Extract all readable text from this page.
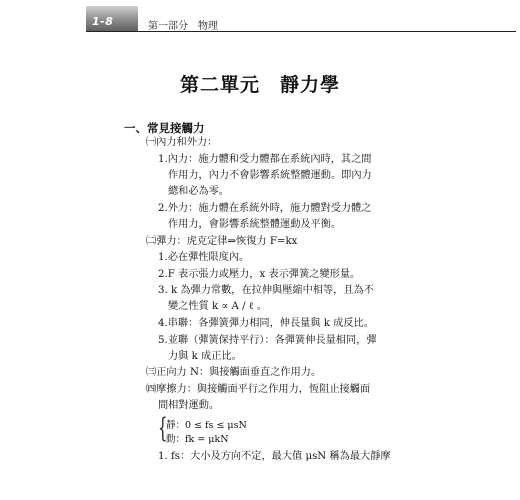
1-8	第一部分　物理
第二單元　靜力學
一、常見接觸力
㈠內力和外力：
1.內力：施力體和受力體都在系統內時，其之間
作用力，內力不會影響系統整體運動。即內力
總和必為零。
2.外力：施力體在系統外時，施力體對受力體之
作用力，會影響系統整體運動及平衡。
㈡彈力：虎克定律⇒恢復力 F=kx
1.必在彈性限度內。
2.F 表示張力或壓力，x 表示彈簧之變形量。
3. k 為彈力常數，在拉伸與壓縮中相等，且為不
變之性質 k ∝ A / ℓ 。
4.串聯：各彈簧彈力相同，伸長量與 k 成反比。
5.並聯（彈簧保持平行）：各彈簧伸長量相同，彈
力與 k 成正比。
㈢正向力 N：與接觸面垂直之作用力。
㈣摩擦力：與接觸面平行之作用力，恆阻止接觸面
間相對運動。
{
靜：0 ≤ fs ≤ μsN
動：fk = μkN
1. fs：大小及方向不定，最大值 μsN 稱為最大靜摩
